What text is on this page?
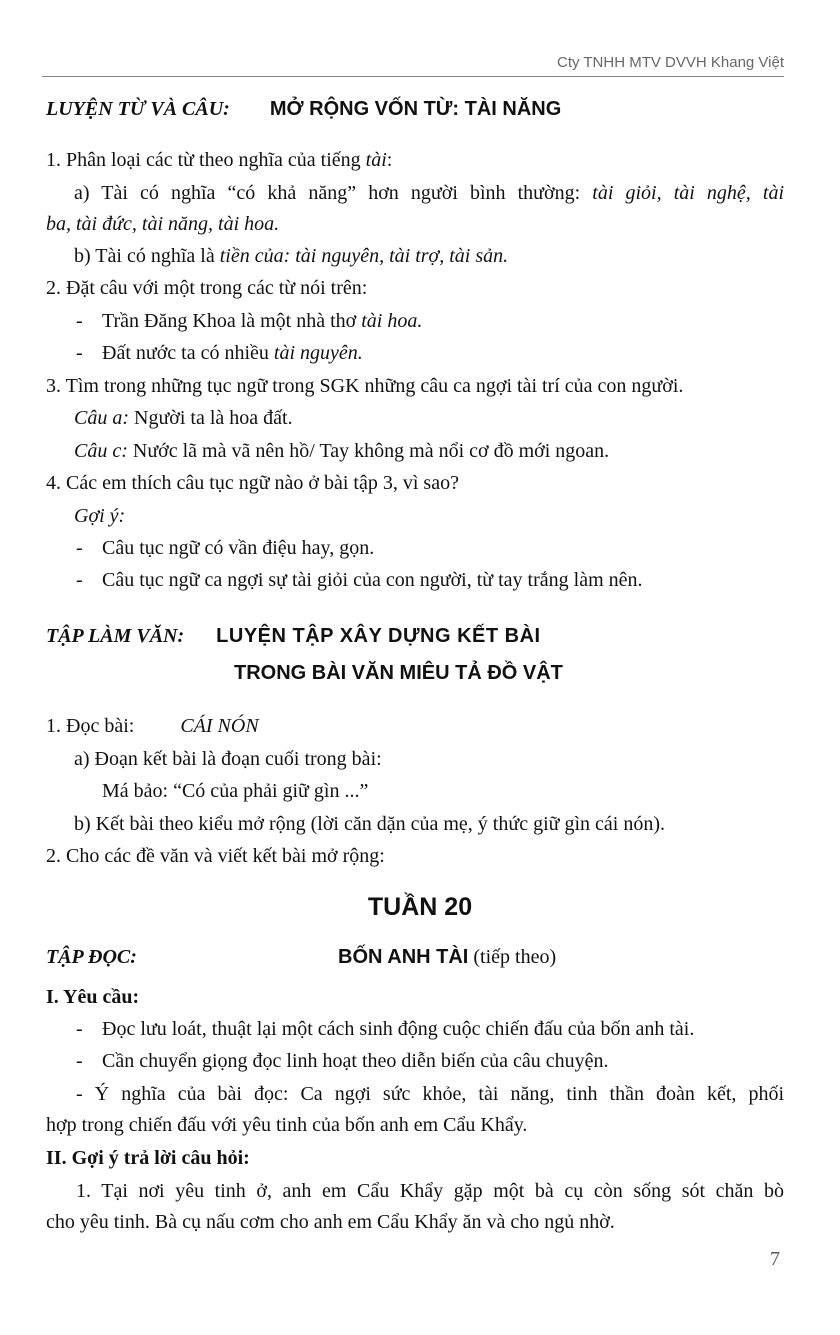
Cty TNHH MTV DVVH Khang Việt
LUYỆN TỪ VÀ CÂU: MỞ RỘNG VỐN TỪ: TÀI NĂNG
1. Phân loại các từ theo nghĩa của tiếng tài:
a) Tài có nghĩa “có khả năng” hơn người bình thường: tài giỏi, tài nghệ, tài
ba, tài đức, tài năng, tài hoa.
b) Tài có nghĩa là tiền của: tài nguyên, tài trợ, tài sản.
2. Đặt câu với một trong các từ nói trên:
- Trần Đăng Khoa là một nhà thơ tài hoa.
- Đất nước ta có nhiều tài nguyên.
3. Tìm trong những tục ngữ trong SGK những câu ca ngợi tài trí của con người.
Câu a: Người ta là hoa đất.
Câu c: Nước lã mà vã nên hồ/ Tay không mà nổi cơ đồ mới ngoan.
4. Các em thích câu tục ngữ nào ở bài tập 3, vì sao?
Gợi ý:
- Câu tục ngữ có vần điệu hay, gọn.
- Câu tục ngữ ca ngợi sự tài giỏi của con người, từ tay trắng làm nên.
TẬP LÀM VĂN: LUYỆN TẬP XÂY DỰNG KẾT BÀI
TRONG BÀI VĂN MIÊU TẢ ĐỒ VẬT
1. Đọc bài: CÁI NÓN
a) Đoạn kết bài là đoạn cuối trong bài:
Má bảo: “Có của phải giữ gìn ...”
b) Kết bài theo kiểu mở rộng (lời căn dặn của mẹ, ý thức giữ gìn cái nón).
2. Cho các đề văn và viết kết bài mở rộng:
TUẦN 20
TẬP ĐỌC:	BỐN ANH TÀI (tiếp theo)
I. Yêu cầu:
- Đọc lưu loát, thuật lại một cách sinh động cuộc chiến đấu của bốn anh tài.
- Cần chuyển giọng đọc linh hoạt theo diễn biến của câu chuyện.
- Ý nghĩa của bài đọc: Ca ngợi sức khỏe, tài năng, tinh thần đoàn kết, phối
hợp trong chiến đấu với yêu tinh của bốn anh em Cẩu Khẩy.
II. Gợi ý trả lời câu hỏi:
1. Tại nơi yêu tinh ở, anh em Cẩu Khẩy gặp một bà cụ còn sống sót chăn bò
cho yêu tinh. Bà cụ nấu cơm cho anh em Cẩu Khẩy ăn và cho ngủ nhờ.
7
